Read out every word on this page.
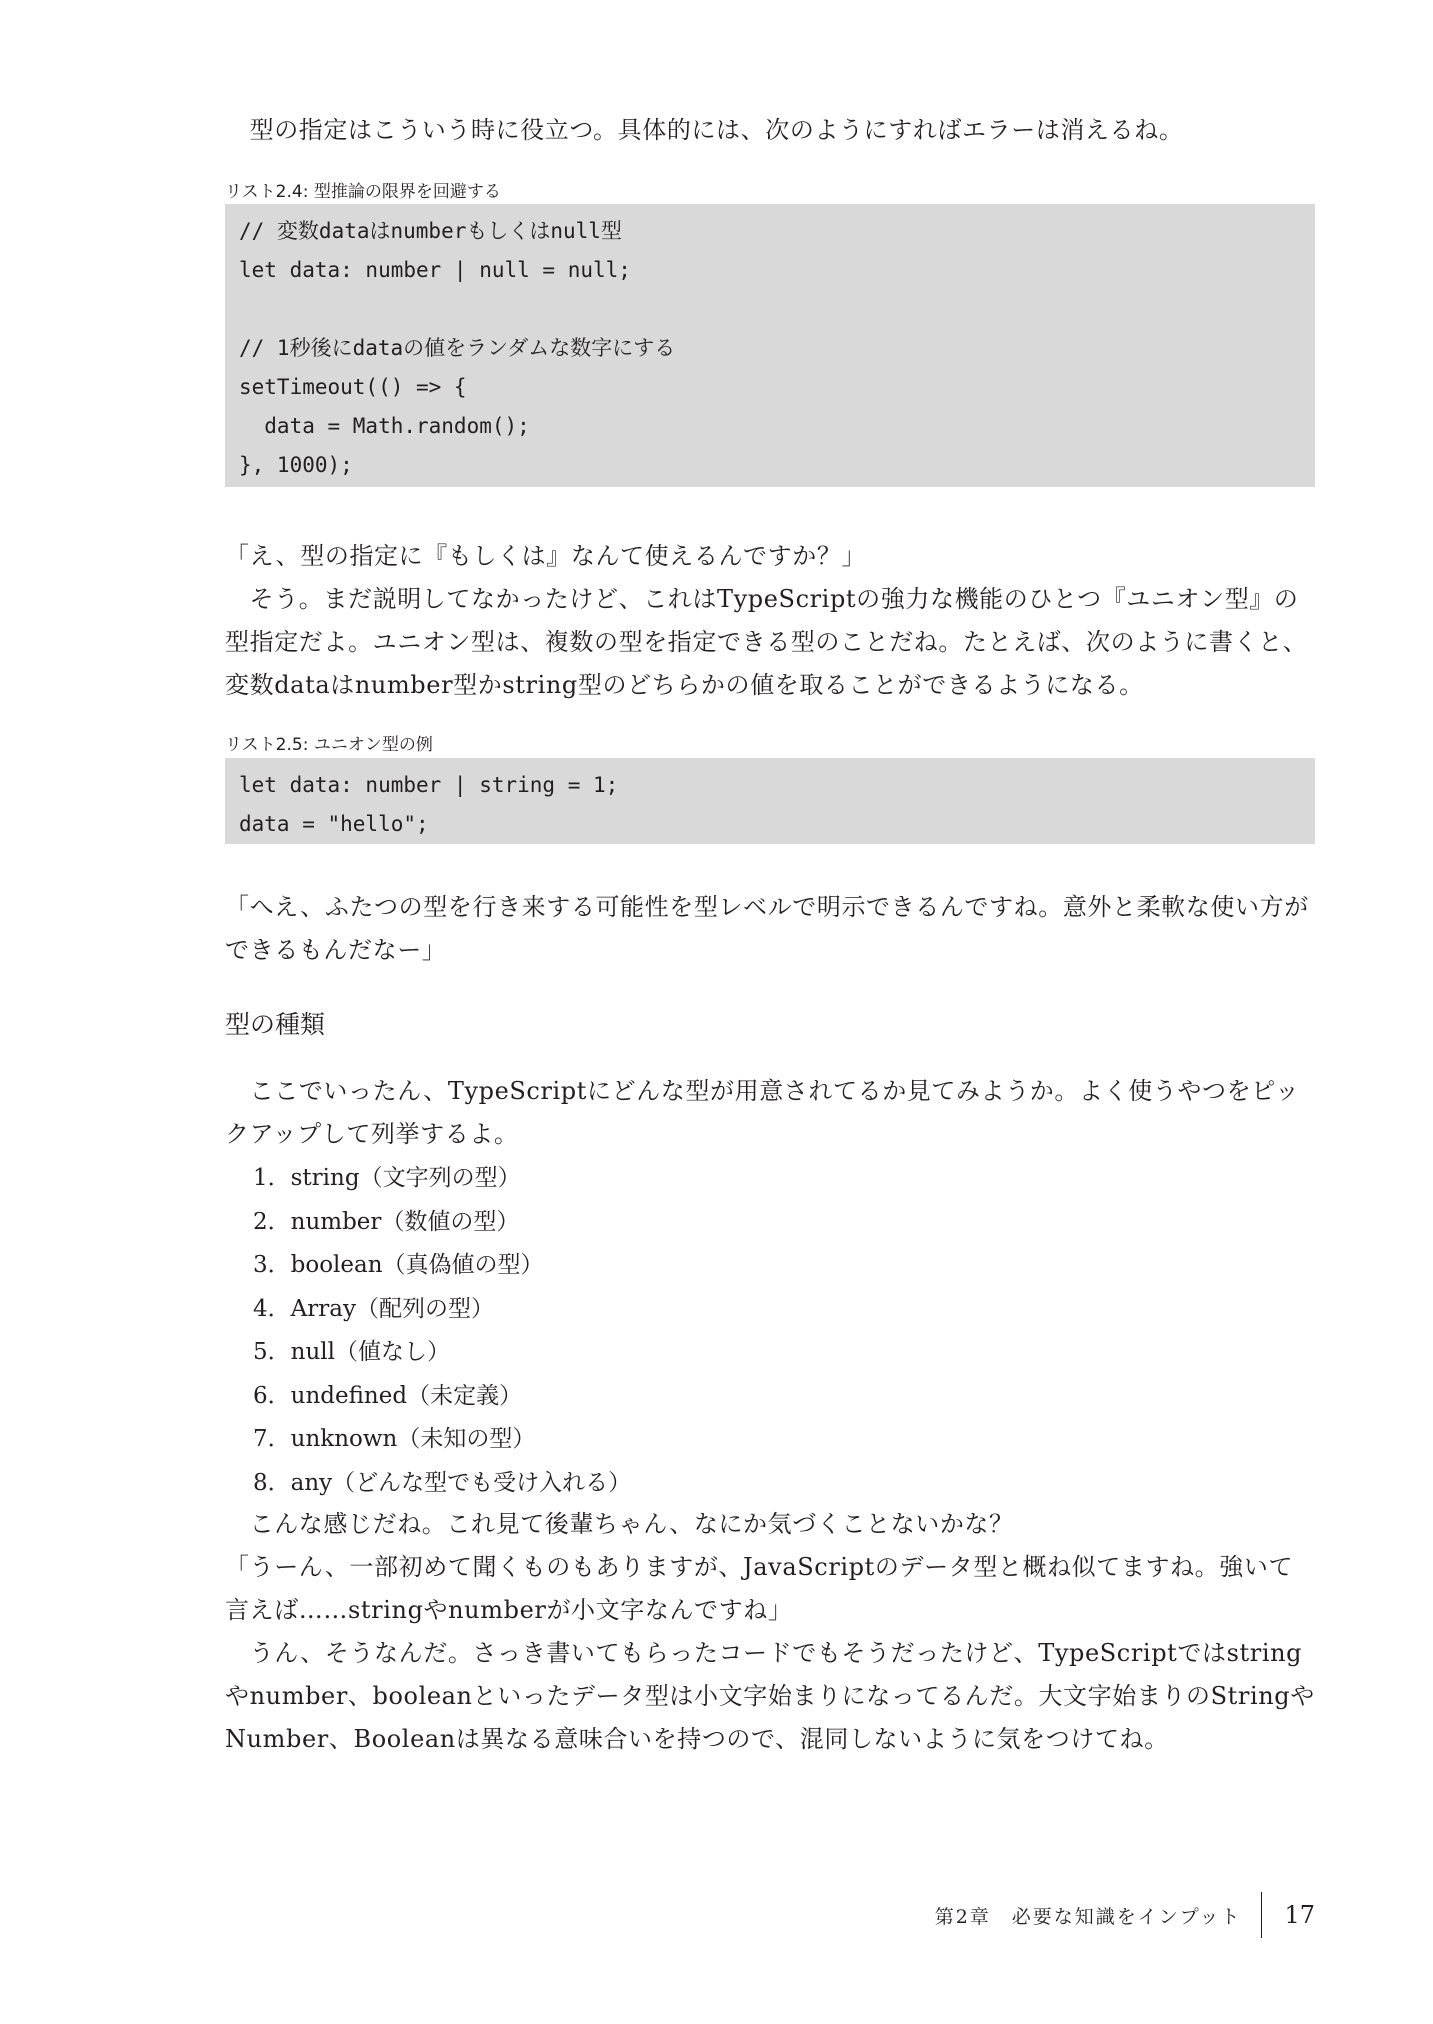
　型の指定はこういう時に役立つ。具体的には、次のようにすればエラーは消えるね。

リスト2.4: 型推論の限界を回避する

// 変数dataはnumberもしくはnull型
let data: number | null = null;
// 1秒後にdataの値をランダムな数字にする
setTimeout(() => {
data = Math.random();
}, 1000);

「え、型の指定に『もしくは』なんて使えるんですか？」

　そう。まだ説明してなかったけど、これはTypeScriptの強力な機能のひとつ『ユニオン型』の型指定だよ。ユニオン型は、複数の型を指定できる型のことだね。たとえば、次のように書くと、変数dataはnumber型かstring型のどちらかの値を取ることができるようになる。

リスト2.5: ユニオン型の例

let data: number | string = 1;
data = "hello";

「へえ、ふたつの型を行き来する可能性を型レベルで明示できるんですね。意外と柔軟な使い方ができるもんだなー」

型の種類

　ここでいったん、TypeScriptにどんな型が用意されてるか見てみようか。よく使うやつをピックアップして列挙するよ。

1．string（文字列の型）
2．number（数値の型）
3．boolean（真偽値の型）
4．Array（配列の型）
5．null（値なし）
6．undefined（未定義）
7．unknown（未知の型）
8．any（どんな型でも受け入れる）

　こんな感じだね。これ見て後輩ちゃん、なにか気づくことないかな？

「うーん、一部初めて聞くものもありますが、JavaScriptのデータ型と概ね似てますね。強いて言えば……stringやnumberが小文字なんですね」

　うん、そうなんだ。さっき書いてもらったコードでもそうだったけど、TypeScriptではstringやnumber、booleanといったデータ型は小文字始まりになってるんだ。大文字始まりのStringやNumber、Booleanは異なる意味合いを持つので、混同しないように気をつけてね。

第2章　必要な知識をインプット 17
